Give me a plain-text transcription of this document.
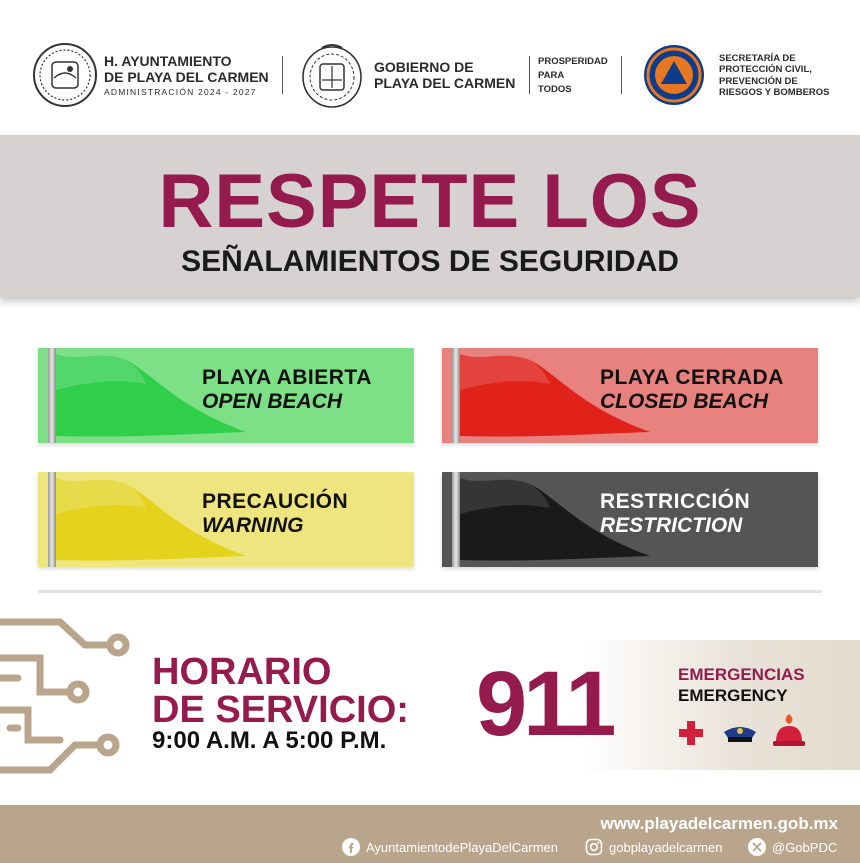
H. AYUNTAMIENTO
DE PLAYA DEL CARMEN
ADMINISTRACIÓN 2024 - 2027
GOBIERNO DE
PLAYA DEL CARMEN
PROSPERIDAD
PARA
TODOS
SECRETARÍA DE
PROTECCIÓN CIVIL,
PREVENCIÓN DE
RIESGOS Y BOMBEROS
RESPETE LOS
SEÑALAMIENTOS DE SEGURIDAD
PLAYA ABIERTA
OPEN BEACH
PLAYA CERRADA
CLOSED BEACH
PRECAUCIÓN
WARNING
RESTRICCIÓN
RESTRICTION
HORARIO
DE SERVICIO:
9:00 A.M. A 5:00 P.M. 911	EMERGENCIAS
EMERGENCY
www.playadelcarmen.gob.mx
AyuntamientodePlayaDelCarmen	gobplayadelcarmen	@GobPDC
